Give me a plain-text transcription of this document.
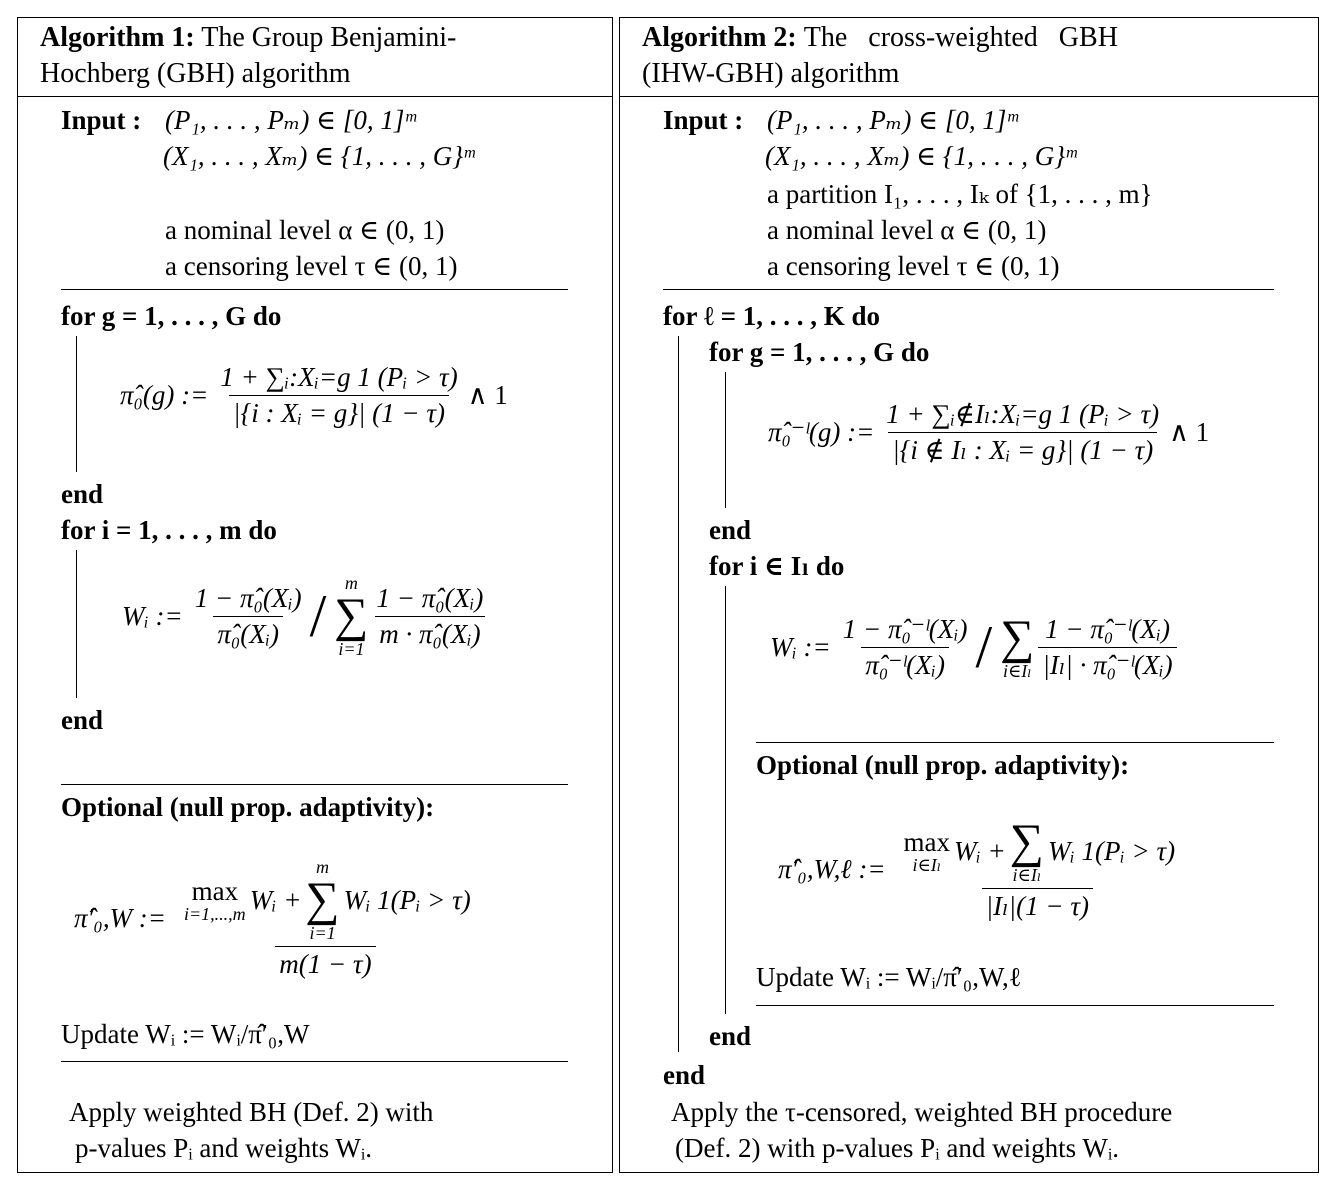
Algorithm 1: The Group Benjamini-
Hochberg (GBH) algorithm
Input : (P₁, . . . , Pₘ) ∈ [0, 1]ᵐ
(X₁, . . . , Xₘ) ∈ {1, . . . , G}ᵐ
a nominal level α ∈ (0, 1)
a censoring level τ ∈ (0, 1)
for g = 1, . . . , G do
π̂₀(g) := $\frac{\text{1 + ∑ᵢ:Xᵢ=g 1 (Pᵢ > τ)}}{\text{|\{i : Xᵢ = g\}| (1 − τ)}}$ ∧ 1
end
for i = 1, . . . , m do
Wᵢ := $\frac{\text{1 − π̂₀(Xᵢ)}}{\text{π̂₀(Xᵢ)}}$ / m
∑
i=1
$\frac{\text{1 − π̂₀(Xᵢ)}}{\text{m · π̂₀(Xᵢ)}}$
end
Optional (null prop. adaptivity):
π̂′₀,W :=
max
i=1,...,m Wᵢ +
m
∑
i=1
Wᵢ 1(Pᵢ > τ)
m(1 − τ)
Update Wᵢ := Wᵢ/π̂′₀,W
Apply weighted BH (Def. 2) with
p-values Pᵢ and weights Wᵢ.
Algorithm 2: The cross-weighted GBH
(IHW-GBH) algorithm
Input : (P₁, . . . , Pₘ) ∈ [0, 1]ᵐ
(X₁, . . . , Xₘ) ∈ {1, . . . , G}ᵐ
a partition I₁, . . . , Iₖ of {1, . . . , m}
a nominal level α ∈ (0, 1)
a censoring level τ ∈ (0, 1)
for ℓ = 1, . . . , K do
for g = 1, . . . , G do
π̂₀⁻ˡ(g) := $\frac{\text{1 + ∑ᵢ∉Iₗ:Xᵢ=g 1 (Pᵢ > τ)}}{\text{|\{i ∉ Iₗ : Xᵢ = g\}| (1 − τ)}}$ ∧ 1
end
for i ∈ Iₗ do
Wᵢ := $\frac{\text{1 − π̂₀⁻ˡ(Xᵢ)}}{\text{π̂₀⁻ˡ(Xᵢ)}}$ / ∑
i∈Iₗ $\frac{\text{1 − π̂₀⁻ˡ(Xᵢ)}}{\text{|Iₗ| · π̂₀⁻ˡ(Xᵢ)}}$
Optional (null prop. adaptivity):
π̂′₀,W,ℓ :=
max
i∈Iₗ Wᵢ + ∑
i∈Iₗ
Wᵢ 1(Pᵢ > τ)
|Iₗ|(1 − τ)
Update Wᵢ := Wᵢ/π̂′₀,W,ℓ
end
end
Apply the τ-censored, weighted BH procedure
(Def. 2) with p-values Pᵢ and weights Wᵢ.
